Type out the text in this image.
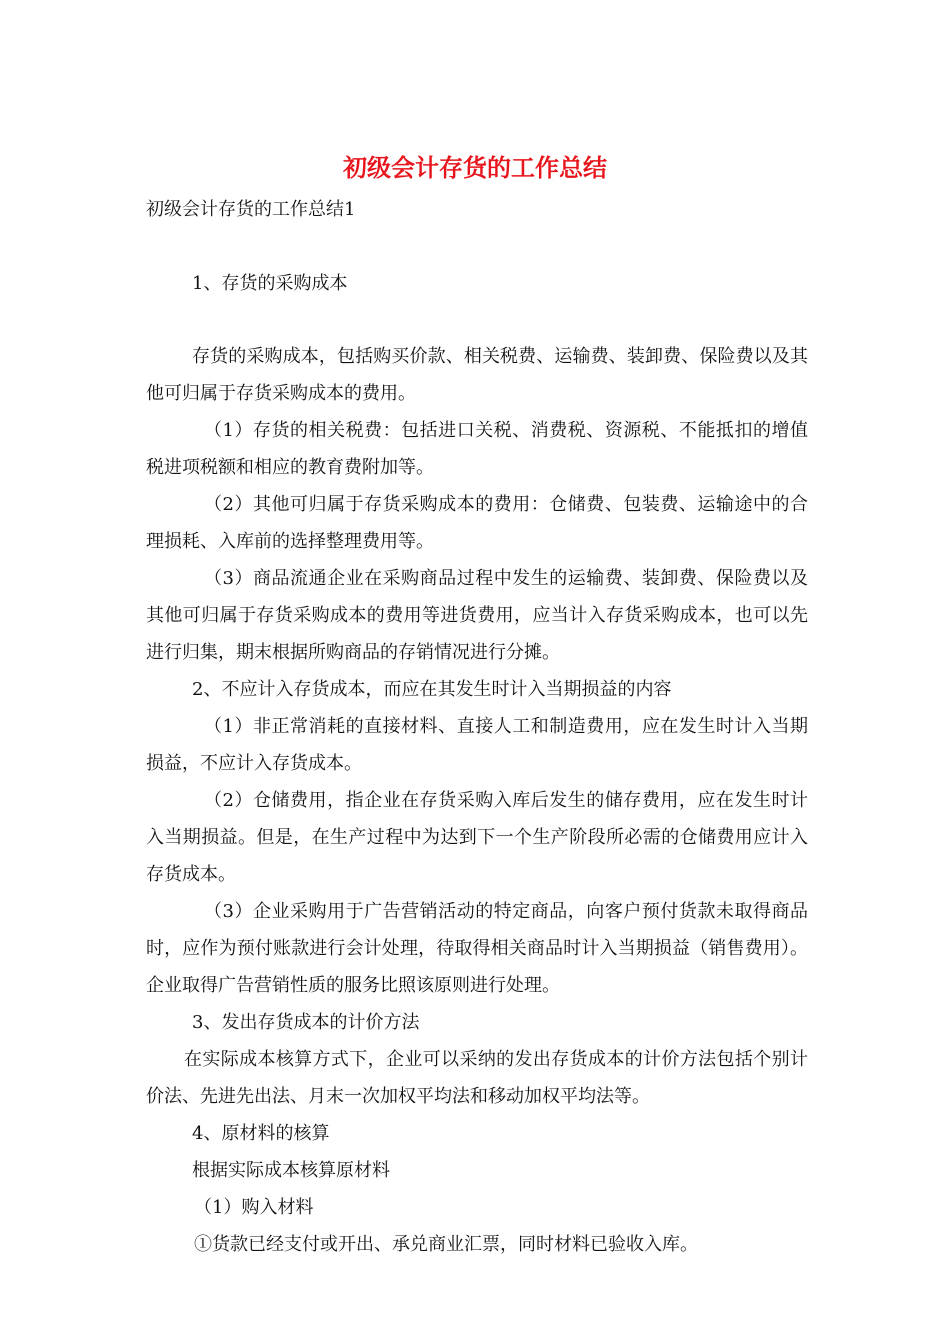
初级会计存货的工作总结

初级会计存货的工作总结1

1、存货的采购成本

存货的采购成本，包括购买价款、相关税费、运输费、装卸费、保险费以及其他可归属于存货采购成本的费用。

（1）存货的相关税费：包括进口关税、消费税、资源税、不能抵扣的增值税进项税额和相应的教育费附加等。

（2）其他可归属于存货采购成本的费用：仓储费、包装费、运输途中的合理损耗、入库前的选择整理费用等。

（3）商品流通企业在采购商品过程中发生的运输费、装卸费、保险费以及其他可归属于存货采购成本的费用等进货费用，应当计入存货采购成本，也可以先进行归集，期末根据所购商品的存销情况进行分摊。

2、不应计入存货成本，而应在其发生时计入当期损益的内容

（1）非正常消耗的直接材料、直接人工和制造费用，应在发生时计入当期损益，不应计入存货成本。

（2）仓储费用，指企业在存货采购入库后发生的储存费用，应在发生时计入当期损益。但是，在生产过程中为达到下一个生产阶段所必需的仓储费用应计入存货成本。

（3）企业采购用于广告营销活动的特定商品，向客户预付货款未取得商品时，应作为预付账款进行会计处理，待取得相关商品时计入当期损益（销售费用）。企业取得广告营销性质的服务比照该原则进行处理。

3、发出存货成本的计价方法

在实际成本核算方式下，企业可以采纳的发出存货成本的计价方法包括个别计价法、先进先出法、月末一次加权平均法和移动加权平均法等。

4、原材料的核算

根据实际成本核算原材料

（1）购入材料

①货款已经支付或开出、承兑商业汇票，同时材料已验收入库。
